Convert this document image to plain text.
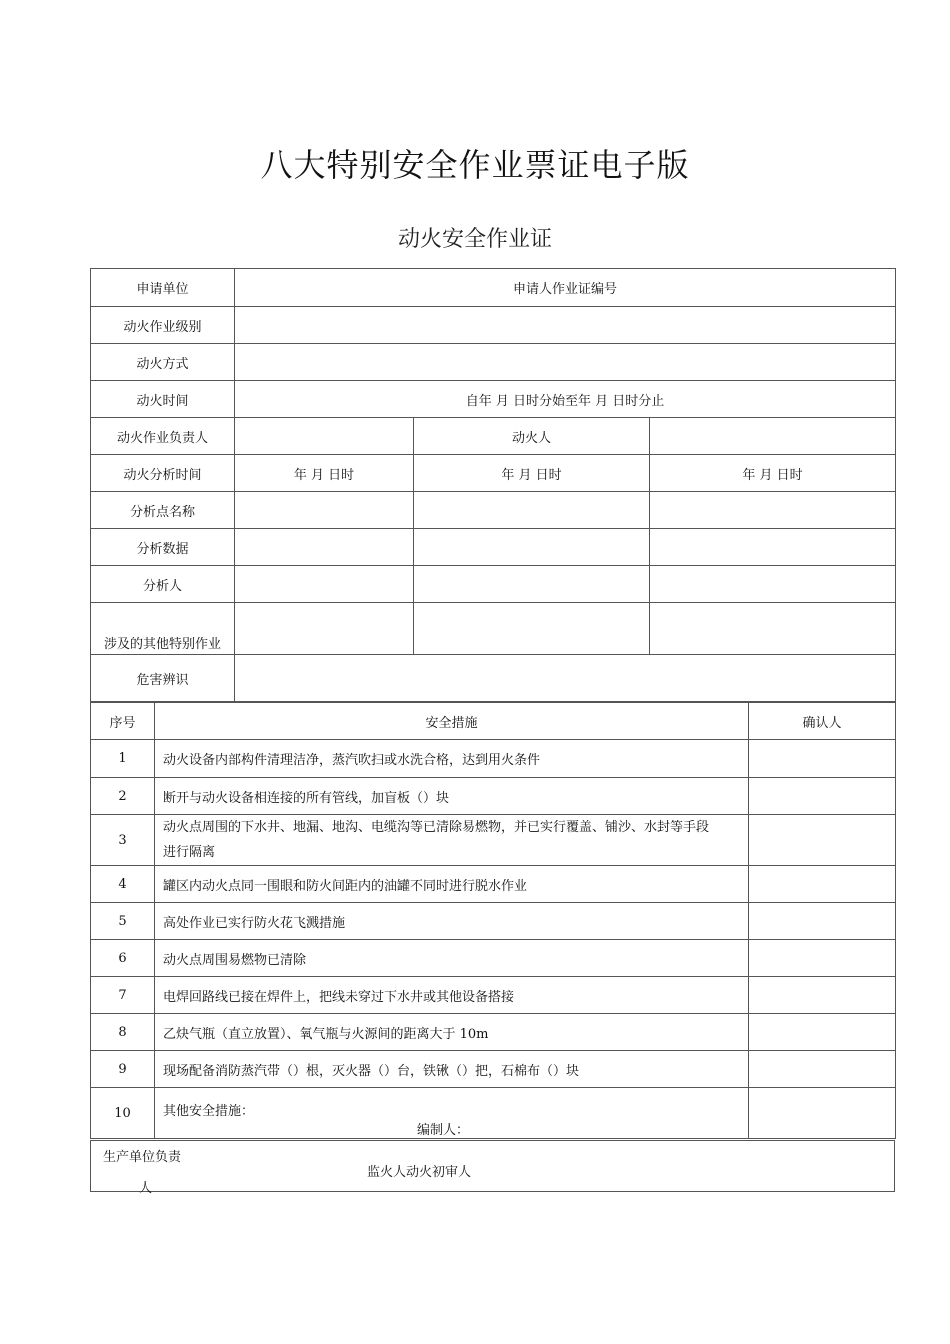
八大特别安全作业票证电子版
动火安全作业证
申请单位	申请人作业证编号		
动火作业级别			
动火方式			
动火时间	自年 月 日时分始至年 月 日时分止		
动火作业负责人		动火人	
动火分析时间	年 月 日时	年 月 日时	年 月 日时
分析点名称			
分析数据			
分析人			

涉及的其他特别作业			

危害辨识			
序号	安全措施	确认人
1	动火设备内部构件清理洁净，蒸汽吹扫或水洗合格，达到用火条件	
2	断开与动火设备相连接的所有管线，加盲板（）块	
3	动火点周围的下水井、地漏、地沟、电缆沟等已清除易燃物，并已实行覆盖、铺沙、水封等手段
进行隔离	

4	罐区内动火点同一围眼和防火间距内的油罐不同时进行脱水作业	
5	高处作业已实行防火花飞溅措施	
6	动火点周围易燃物已清除	
7	电焊回路线已接在焊件上，把线未穿过下水井或其他设备搭接	
8	乙炔气瓶（直立放置）、氧气瓶与火源间的距离大于 10m	
9	现场配备消防蒸汽带（）根，灭火器（）台，铁锹（）把，石棉布（）块	
10	其他安全措施：
编制人：	

生产单位负责
人
监火人动火初审人
